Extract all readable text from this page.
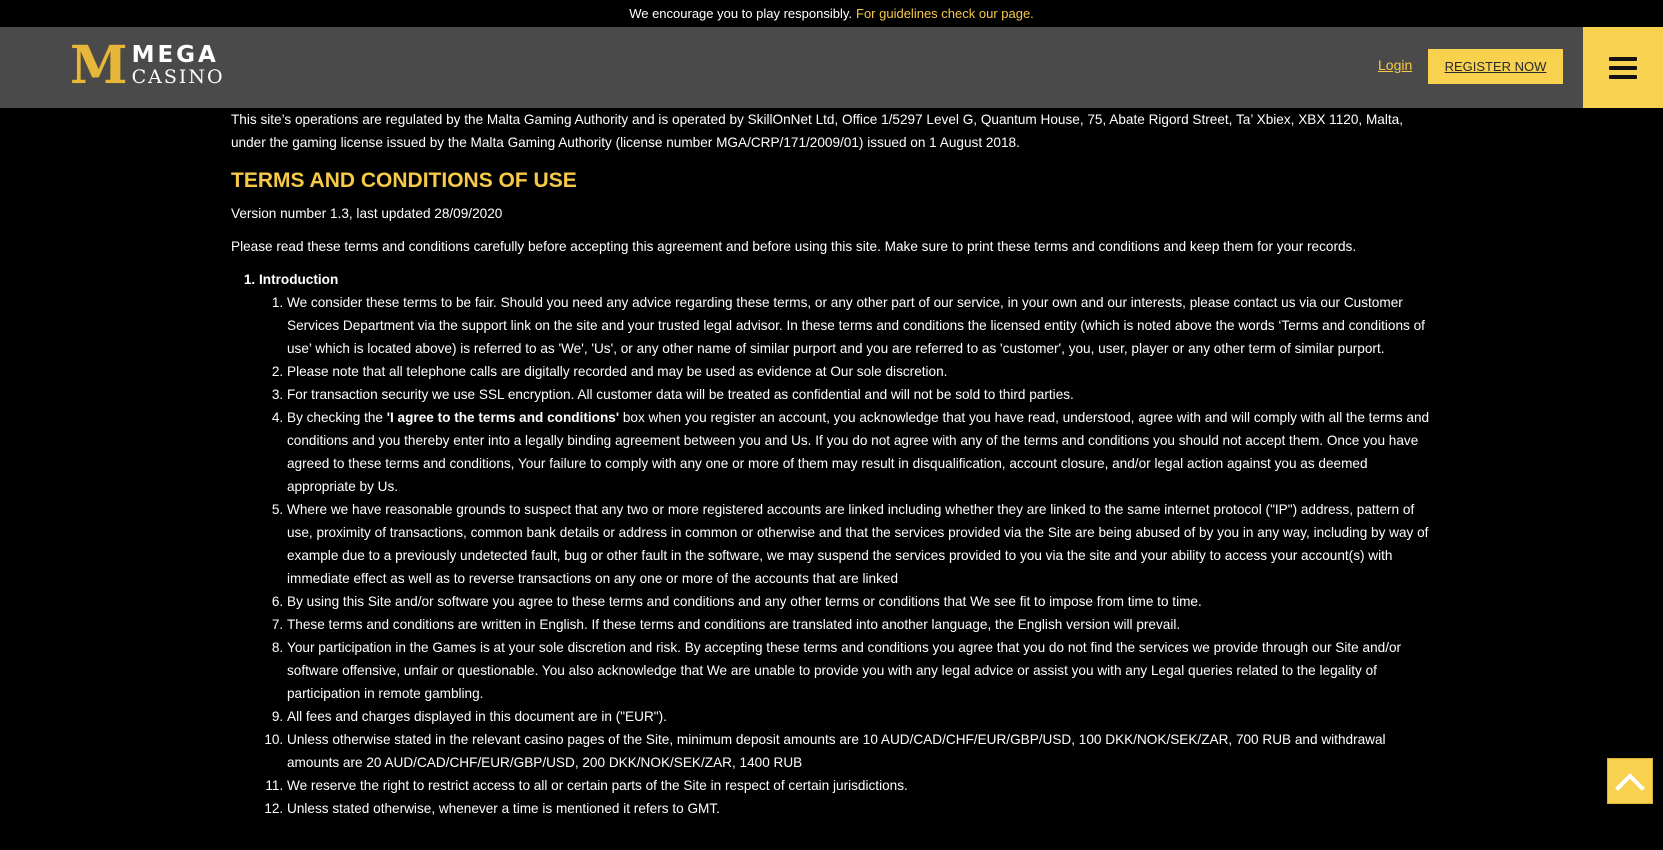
We encourage you to play responsibly. For guidelines check our page.
M MEGA
CASINO
Login	REGISTER NOW

This site’s operations are regulated by the Malta Gaming Authority and is operated by SkillOnNet Ltd, Office 1/5297 Level G, Quantum House, 75, Abate Rigord Street, Ta’ Xbiex, XBX 1120, Malta, under the gaming license issued by the Malta Gaming Authority (license number MGA/CRP/171/2009/01) issued on 1 August 2018.

TERMS AND CONDITIONS OF USE

Version number 1.3, last updated 28/09/2020

Please read these terms and conditions carefully before accepting this agreement and before using this site. Make sure to print these terms and conditions and keep them for your records.

1. Introduction
1. We consider these terms to be fair. Should you need any advice regarding these terms, or any other part of our service, in your own and our interests, please contact us via our Customer Services Department via the support link on the site and your trusted legal advisor. In these terms and conditions the licensed entity (which is noted above the words ‘Terms and conditions of use’ which is located above) is referred to as 'We', 'Us', or any other name of similar purport and you are referred to as 'customer', you, user, player or any other term of similar purport.
2. Please note that all telephone calls are digitally recorded and may be used as evidence at Our sole discretion.
3. For transaction security we use SSL encryption. All customer data will be treated as confidential and will not be sold to third parties.
4. By checking the 'I agree to the terms and conditions' box when you register an account, you acknowledge that you have read, understood, agree with and will comply with all the terms and conditions and you thereby enter into a legally binding agreement between you and Us. If you do not agree with any of the terms and conditions you should not accept them. Once you have agreed to these terms and conditions, Your failure to comply with any one or more of them may result in disqualification, account closure, and/or legal action against you as deemed appropriate by Us.
5. Where we have reasonable grounds to suspect that any two or more registered accounts are linked including whether they are linked to the same internet protocol ("IP") address, pattern of use, proximity of transactions, common bank details or address in common or otherwise and that the services provided via the Site are being abused of by you in any way, including by way of example due to a previously undetected fault, bug or other fault in the software, we may suspend the services provided to you via the site and your ability to access your account(s) with immediate effect as well as to reverse transactions on any one or more of the accounts that are linked
6. By using this Site and/or software you agree to these terms and conditions and any other terms or conditions that We see fit to impose from time to time.
7. These terms and conditions are written in English. If these terms and conditions are translated into another language, the English version will prevail.
8. Your participation in the Games is at your sole discretion and risk. By accepting these terms and conditions you agree that you do not find the services we provide through our Site and/or software offensive, unfair or questionable. You also acknowledge that We are unable to provide you with any legal advice or assist you with any Legal queries related to the legality of participation in remote gambling.
9. All fees and charges displayed in this document are in ("EUR").
10. Unless otherwise stated in the relevant casino pages of the Site, minimum deposit amounts are 10 AUD/CAD/CHF/EUR/GBP/USD, 100 DKK/NOK/SEK/ZAR, 700 RUB and withdrawal amounts are 20 AUD/CAD/CHF/EUR/GBP/USD, 200 DKK/NOK/SEK/ZAR, 1400 RUB
11. We reserve the right to restrict access to all or certain parts of the Site in respect of certain jurisdictions.
12. Unless stated otherwise, whenever a time is mentioned it refers to GMT.
